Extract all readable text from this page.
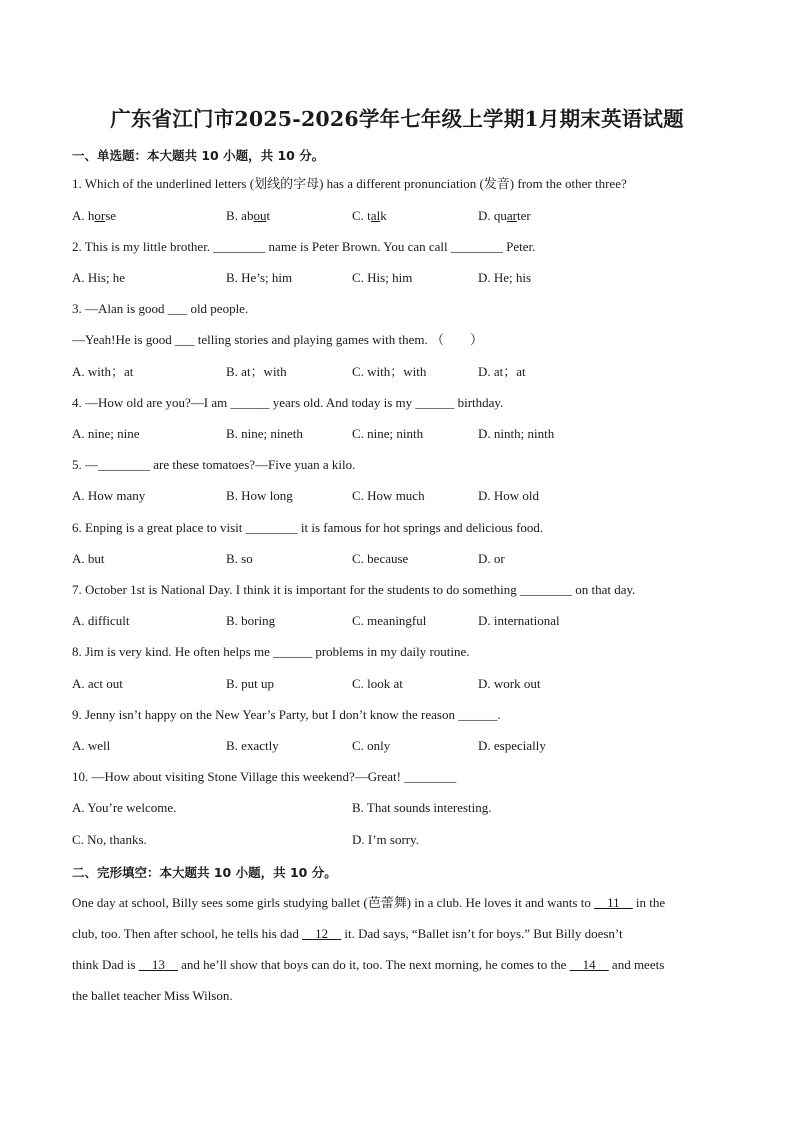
广东省江门市2025-2026学年七年级上学期1月期末英语试题
一、单选题：本大题共 10 小题，共 10 分。
1. Which of the underlined letters (划线的字母) has a different pronunciation (发音) from the other three?
A. horse	B. about	C. talk	D. quarter
2. This is my little brother. ________ name is Peter Brown. You can call ________ Peter.
A. His; he	B. He’s; him	C. His; him	D. He; his
3. —Alan is good ___ old people.
—Yeah!He is good ___ telling stories and playing games with them. （　　）
A. with；at	B. at；with	C. with；with	D. at；at
4. —How old are you?—I am ______ years old. And today is my ______ birthday.
A. nine; nine	B. nine; nineth	C. nine; ninth	D. ninth; ninth
5. —________ are these tomatoes?—Five yuan a kilo.
A. How many	B. How long	C. How much	D. How old
6. Enping is a great place to visit ________ it is famous for hot springs and delicious food.
A. but	B. so	C. because	D. or
7. October 1st is National Day. I think it is important for the students to do something ________ on that day.
A. difficult	B. boring	C. meaningful	D. international
8. Jim is very kind. He often helps me ______ problems in my daily routine.
A. act out	B. put up	C. look at	D. work out
9. Jenny isn’t happy on the New Year’s Party, but I don’t know the reason ______.
A. well	B. exactly	C. only	D. especially
10. —How about visiting Stone Village this weekend?—Great! ________
A. You’re welcome.	B. That sounds interesting.
C. No, thanks.	D. I’m sorry.
二、完形填空：本大题共 10 小题，共 10 分。
One day at school, Billy sees some girls studying ballet (芭蕾舞) in a club. He loves it and wants to __11__ in the
club, too. Then after school, he tells his dad __12__ it. Dad says, “Ballet isn’t for boys.” But Billy doesn’t
think Dad is __13__ and he’ll show that boys can do it, too. The next morning, he comes to the __14__ and meets
the ballet teacher Miss Wilson.
